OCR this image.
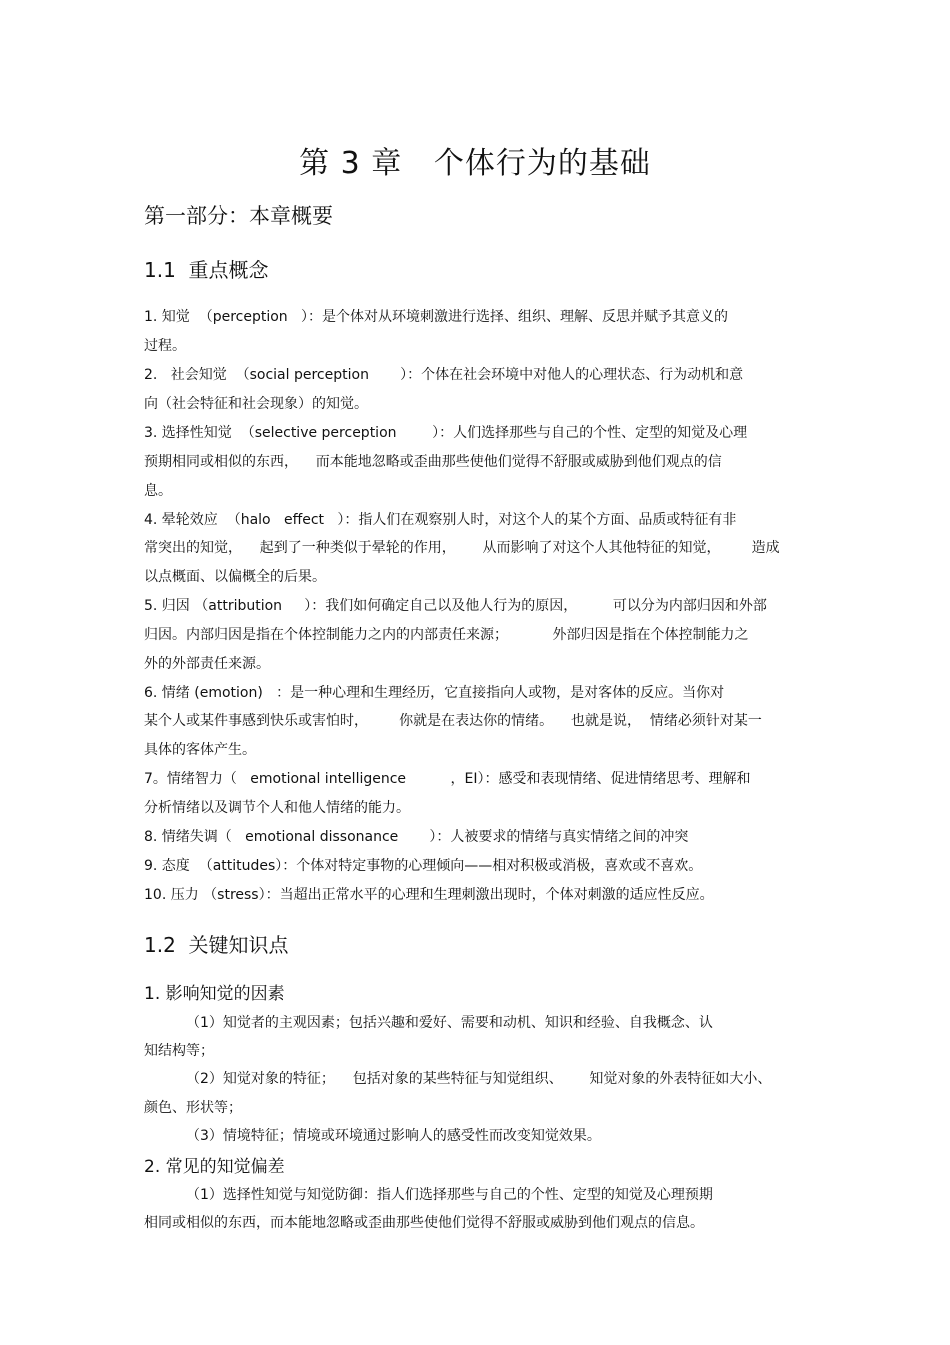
第 3 章   个体行为的基础
第一部分：本章概要
1.1  重点概念
1. 知觉  （perception   ）：是个体对从环境刺激进行选择、组织、理解、反思并赋予其意义的
过程。
2.   社会知觉  （social perception       ）：个体在社会环境中对他人的心理状态、行为动机和意
向（社会特征和社会现象）的知觉。
3. 选择性知觉  （selective perception        ）：人们选择那些与自己的个性、定型的知觉及心理
预期相同或相似的东西，    而本能地忽略或歪曲那些使他们觉得不舒服或威胁到他们观点的信
息。
4. 晕轮效应  （halo   effect   ）：指人们在观察别人时，对这个人的某个方面、品质或特征有非
常突出的知觉，    起到了一种类似于晕轮的作用，      从而影响了对这个人其他特征的知觉，       造成
以点概面、以偏概全的后果。
5. 归因 （attribution     ）：我们如何确定自己以及他人行为的原因，        可以分为内部归因和外部
归因。内部归因是指在个体控制能力之内的内部责任来源；          外部归因是指在个体控制能力之
外的外部责任来源。
6. 情绪 (emotion)   ：是一种心理和生理经历，它直接指向人或物，是对客体的反应。当你对
某个人或某件事感到快乐或害怕时，       你就是在表达你的情绪。    也就是说，  情绪必须针对某一
具体的客体产生。
7。情绪智力（   emotional intelligence          ，EI）：感受和表现情绪、促进情绪思考、理解和
分析情绪以及调节个人和他人情绪的能力。
8. 情绪失调（   emotional dissonance       ）：人被要求的情绪与真实情绪之间的冲突
9. 态度  （attitudes）：个体对特定事物的心理倾向——相对积极或消极，喜欢或不喜欢。
10. 压力 （stress）：当超出正常水平的心理和生理刺激出现时，个体对刺激的适应性反应。
1.2  关键知识点
1. 影响知觉的因素
（1）知觉者的主观因素；包括兴趣和爱好、需要和动机、知识和经验、自我概念、认
知结构等；
（2）知觉对象的特征；    包括对象的某些特征与知觉组织、      知觉对象的外表特征如大小、
颜色、形状等；
（3）情境特征；情境或环境通过影响人的感受性而改变知觉效果。
2. 常见的知觉偏差
（1）选择性知觉与知觉防御：指人们选择那些与自己的个性、定型的知觉及心理预期
相同或相似的东西，而本能地忽略或歪曲那些使他们觉得不舒服或威胁到他们观点的信息。
